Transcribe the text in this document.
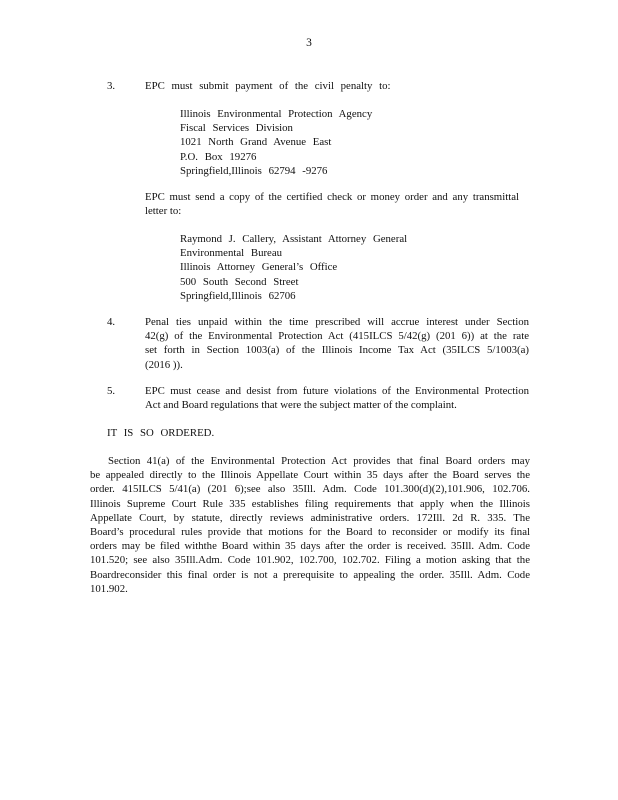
3
3.	EPC must submit payment of the civil penalty to:
Illinois Environmental Protection Agency
Fiscal Services Division
1021 North Grand Avenue East
P.O. Box 19276
Springfield,Illinois 62794 -9276
EPC must send a copy of the certified check or money order and any transmittal
letter to:
Raymond J. Callery, Assistant Attorney General
Environmental Bureau
Illinois Attorney General’s Office
500 South Second Street
Springfield,Illinois 62706
4.	Penal ties unpaid within the time prescribed will accrue interest under Section
42(g) of the Environmental Protection Act (415ILCS 5/42(g) (201 6)) at the rate
set forth in Section 1003(a) of the Illinois Income Tax Act (35ILCS 5/1003(a)
(2016 )).
5.	EPC must cease and desist from future violations of the Environmental Protection
Act and Board regulations that were the subject matter of the complaint.
IT IS SO ORDERED.
Section 41(a) of the Environmental Protection Act provides that final Board orders may
be appealed directly to the Illinois Appellate Court within 35 days after the Board serves the
order. 415ILCS 5/41(a) (201 6);see also 35Ill. Adm. Code 101.300(d)(2),101.906, 102.706.
Illinois Supreme Court Rule 335 establishes filing requirements that apply when the Illinois
Appellate Court, by statute, directly reviews administrative orders. 172Ill. 2d R. 335. The
Board’s procedural rules provide that motions for the Board to reconsider or modify its final
orders may be filed withthe Board within 35 days after the order is received. 35Ill. Adm. Code
101.520; see also 35Ill.Adm. Code 101.902, 102.700, 102.702. Filing a motion asking that the
Boardreconsider this final order is not a prerequisite to appealing the order. 35Ill. Adm. Code
101.902.
